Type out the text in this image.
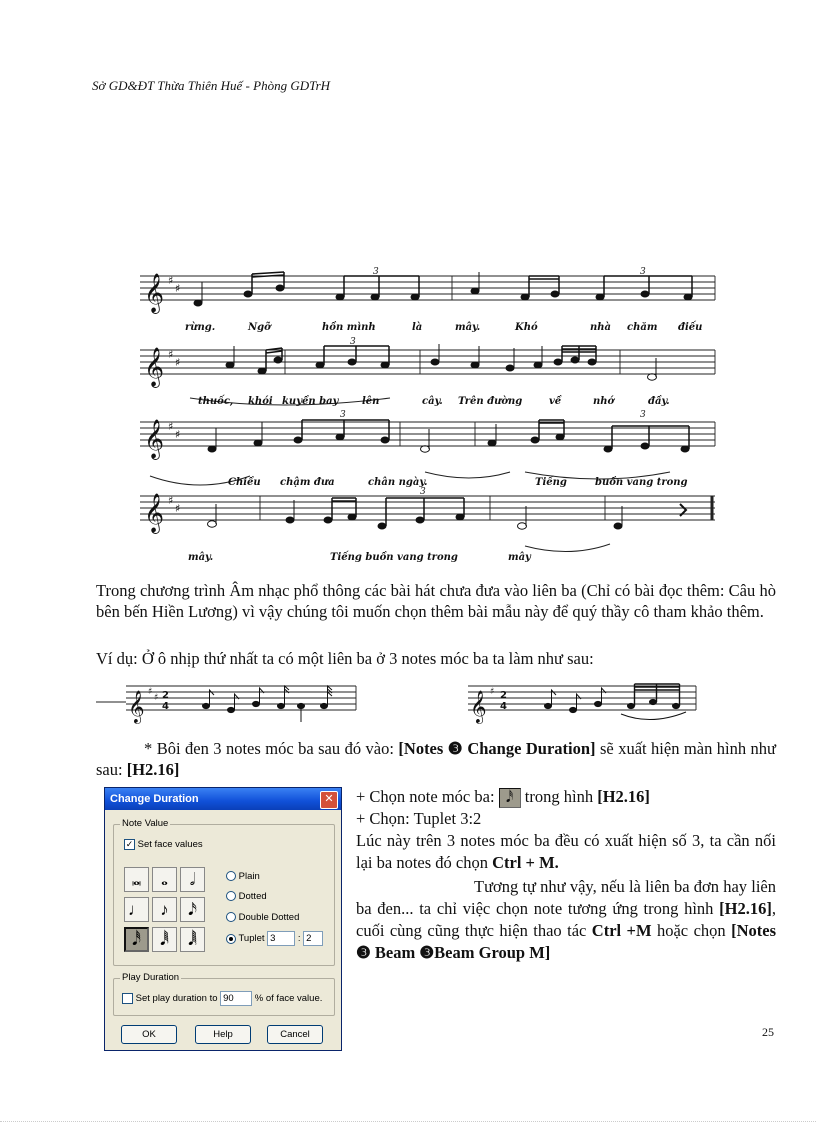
Sở GD&ĐT Thừa Thiên Huế - Phòng GDTrH
𝄞
𝄞
𝄞
𝄞
♯
♯
♯
♯
♯
♯
♯
♯
3	3
3
3	3
3
rừng.	Ngỡ	hồn mình	là	mây.	Khó	nhà chăm điếu
thuốc, khói kuyền bay lên	cây. Trên đường	về	nhớ	đầy.
Chiều chậm đưa	chân ngày.	Tiếng	buồn vang trong
mây.	Tiếng buồn vang trong	mây
Trong chương trình Âm nhạc phổ thông các bài hát chưa đưa vào liên ba (Chỉ có bài đọc thêm: Câu hò bên bến Hiền Lương) vì vậy chúng tôi muốn chọn thêm bài mẫu này để quý thầy cô tham khảo thêm.
Ví dụ: Ở ô nhịp thứ nhất ta có một liên ba ở 3 notes móc ba ta làm như sau:
𝄞	𝄞
♯
♯
♯
2
4
2
4
* Bôi đen 3 notes móc ba sau đó vào: [Notes ❸ Change Duration] sẽ xuất hiện màn hình như sau: [H2.16]
Change Duration	✕
Note Value
✓ Set face values
𝅜	𝅝	𝅗𝅥
♩ ♪	𝅘𝅥𝅯
𝅘𝅥𝅰	𝅘𝅥𝅱	𝅘𝅥𝅲
Plain
Dotted
Double Dotted
Tuplet 3 : 2
Play Duration
Set play duration to 90 % of face value.
OK	Help	Cancel
+ Chọn note móc ba: 𝅘𝅥𝅰 trong hình [H2.16]
+ Chọn: Tuplet 3:2
Lúc này trên 3 notes móc ba đều có xuất hiện số 3, ta cần nối lại ba notes đó chọn Ctrl + M.
Tương tự như vậy, nếu là liên ba đơn hay liên ba đen... ta chỉ việc chọn note tương ứng trong hình [H2.16], cuối cùng cũng thực hiện thao tác Ctrl +M hoặc chọn [Notes ❸ Beam ❸Beam Group M]
25
